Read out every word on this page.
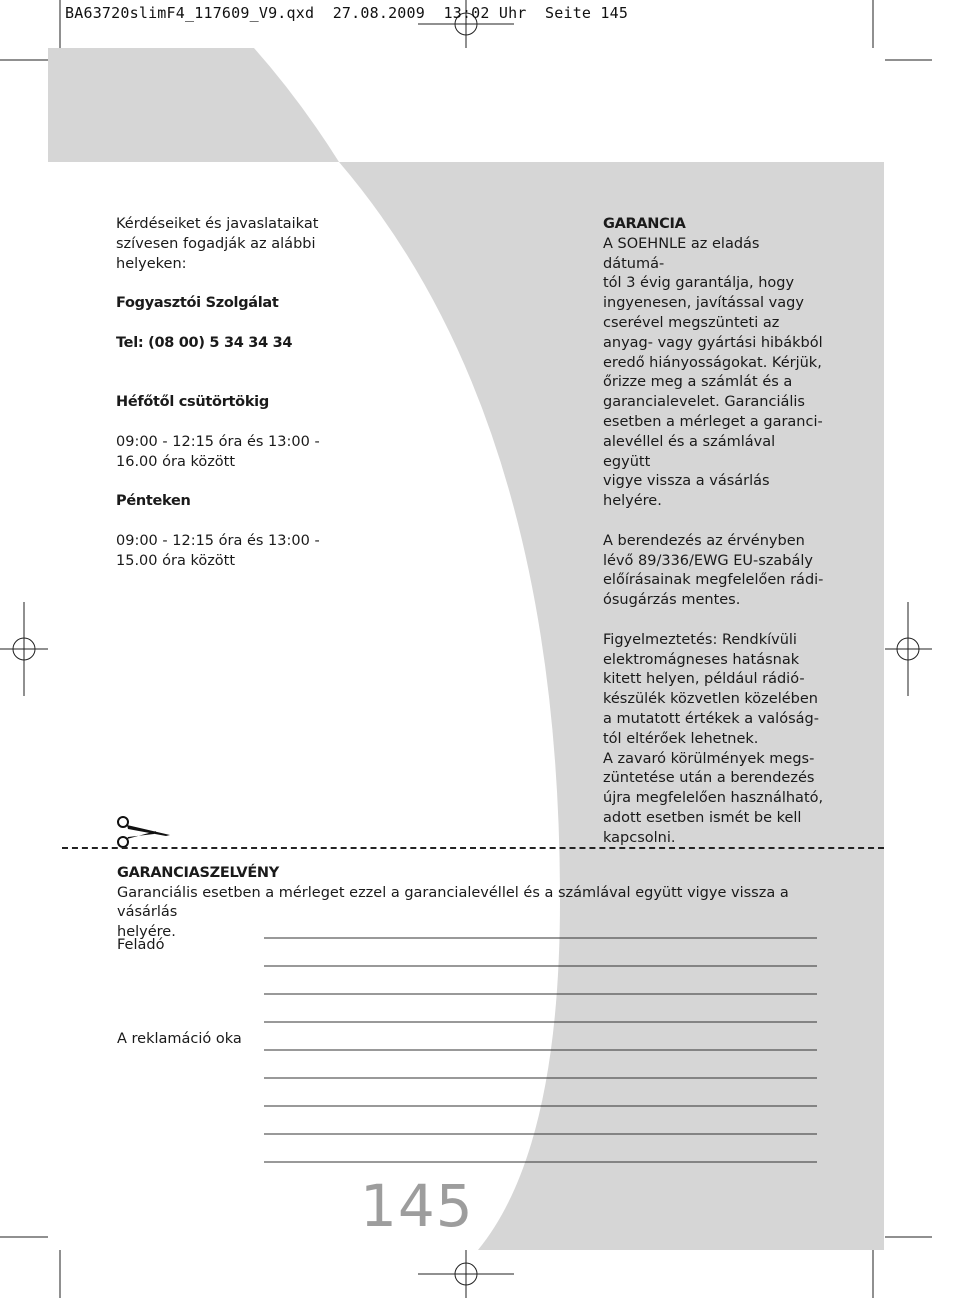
BA63720slimF4_117609_V9.qxd  27.08.2009  13:02 Uhr  Seite 145

Kérdéseiket és javaslataikat

szívesen fogadják az alábbi

helyeken:

Fogyasztói Szolgálat

Tel: (08 00) 5 34 34 34

Héfőtől csütörtökig

09:00 - 12:15 óra és 13:00 -

16.00 óra között

Pénteken

09:00 - 12:15 óra és 13:00 -

15.00 óra között

GARANCIA

A SOEHNLE az eladás dátumá-

tól 3 évig garantálja, hogy

ingyenesen, javítással vagy

cserével megszünteti az

anyag- vagy gyártási hibákból

eredő hiányosságokat. Kérjük,

őrizze meg a számlát és a

garancialevelet. Garanciális

esetben a mérleget a garanci-

alevéllel és a számlával együtt

vigye vissza a vásárlás helyére.

A berendezés az érvényben

lévő 89/336/EWG EU-szabály

előírásainak megfelelően rádi-

ósugárzás mentes.

Figyelmeztetés: Rendkívüli

elektromágneses hatásnak

kitett helyen, például rádió-

készülék közvetlen közelében

a mutatott értékek a valóság-

tól eltérőek lehetnek.

A zavaró körülmények megs-

züntetése után a berendezés

újra megfelelően használható,

adott esetben ismét be kell

kapcsolni.

GARANCIASZELVÉNY

Garanciális esetben a mérleget ezzel a garancialevéllel és a számlával együtt vigye vissza a vásárlás

helyére.

Feladó
A reklamáció oka
145
